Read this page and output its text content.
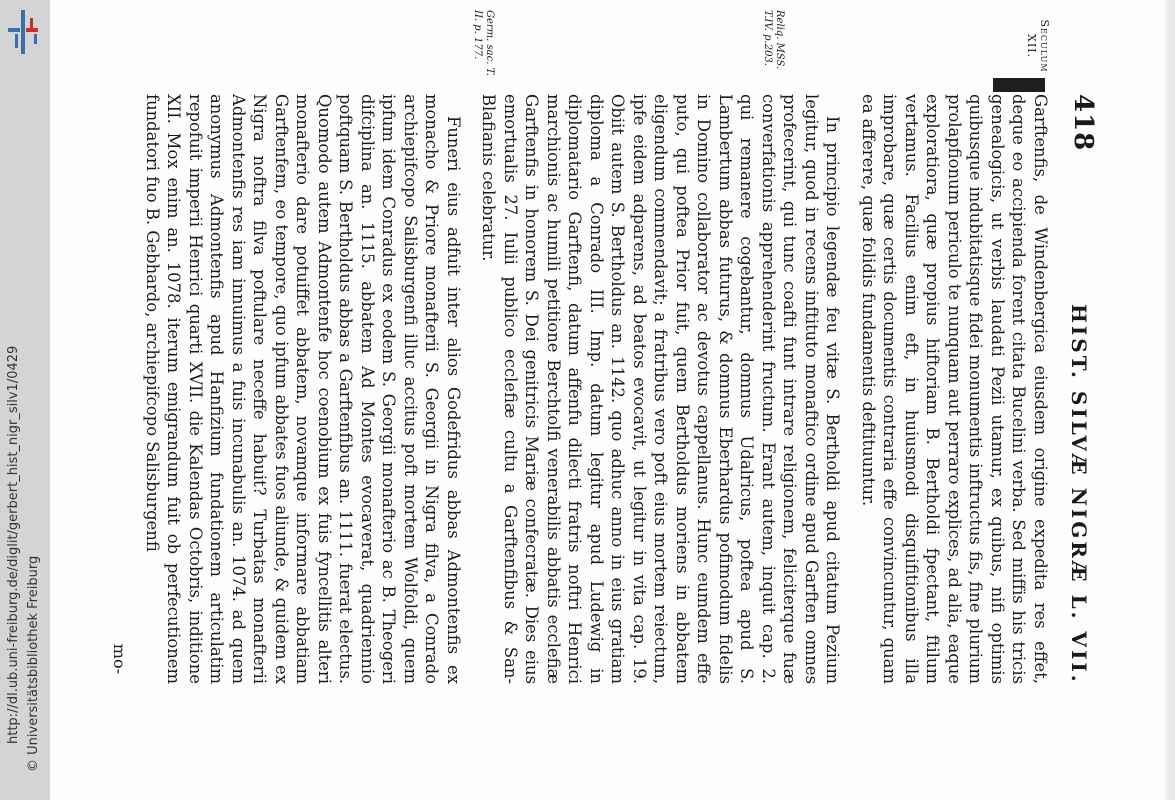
http://dl.ub.uni-freiburg.de/diglit/gerbert_hist_nigr_silv1/0429 © Universitätsbibliothek Freiburg
418
HIST. SILVÆ NIGRÆ L. VII.
Seculum
XII.
Reliq. MSS. T.IV. p.203.
Germ. sac. T. II. p. 177.

Garftenfis, de Windenbergica eiusdem origine expedita res effet, deque eo accipienda forent citata Bucelini verba. Sed miffis his tricis genealogicis, ut verbis laudati Pezii utamur, ex quibus, nifi optimis quibusque indubitatisque fidei monumentis inftructus fis, fine plurium prolapfionum periculo te nunquam aut perraro explices, ad alia, eaque exploratiora, quæ propius hiftoriam B. Bertholdi fpectant, ftilum vertamus. Facilius enim eft, in huiusmodi disquifitionibus illa improbare, quæ certis documentis contraria effe convincuntur, quam ea afferere, quæ folidis fundamentis deftituuntur.

In principio legendæ feu vitæ S. Bertholdi apud citatum Pezium legitur, quod in recens inftituto monaftico ordine apud Garften omnes profecerint, qui tunc coafti funt intrare religionem, feliciterque fuæ converfationis apprehenderint fructum. Erant autem, inquit cap. 2. qui remanere cogebantur, domnus Udalricus, poftea apud S. Lambertum abbas futurus, & domnus Eberhardus pofimodum fidelis in Domino collaborator ac devotus cappellanus. Hunc eumdem effe puto, qui poftea Prior fuit, quem Bertholdus moriens in abbatem eligendum commendavit; a fratribus vero poft eius mortem reiectum, ipfe eidem adparens, ad beatos evocavit, ut legitur in vita cap. 19. Obiit autem S. Bertholdus an. 1142. quo adhuc anno in eius gratiam diploma a Conrado III. Imp. datum legitur apud Ludewig in diplomatario Garftenfi, datum affenfu dilecti fratris noftri Henrici marchionis ac humili petitione Berchtolfi venerabilis abbatis ecclefiæ Garftenfis in honorem S. Dei genitricis Mariæ confecratæ. Dies eius emortualis 27. Iulii publico ecclefiæ cultu a Garftenfibus & San-Blafianis celebratur.

Funeri eius adfuit inter alios Godefridus abbas Admontenfis ex monacho & Priore monafterii S. Georgii in Nigra filva, a Conrado archiepifcopo Salisburgenfi illuc accitus poft mortem Wolfoldi, quem ipfum idem Conradus ex eodem S. Georgii monafterio ac B. Theogeri difciplina an. 1115. abbatem Ad Montes evocaverat, quadriennio poftquam S. Bertholdus abbas a Garftenfibus an. 1111. fuerat electus. Quomodo autem Admontenfe hoc coenobium ex fuis fyncellitis alteri monafterio dare potuiffet abbatem, novamque informare abbatiam Garftenfem, eo tempore, quo ipfum abbates fuos aliunde, & quidem ex Nigra noftra filva poftulare neceffe habuit? Turbatas monafterii Admontenfis res iam innuimus a fuis incunabulis an. 1074. ad quem anonymus Admontenfis apud Hanfizium fundationem articulatim repofuit imperii Henrici quarti XVII. die Kalendas Octobris, inditione XII. Mox enim an. 1078. iterum emigrandum fuit ob perfecutionem fundatori fuo B. Gebhardo, archiepifcopo Salisburgenfi

mo-
